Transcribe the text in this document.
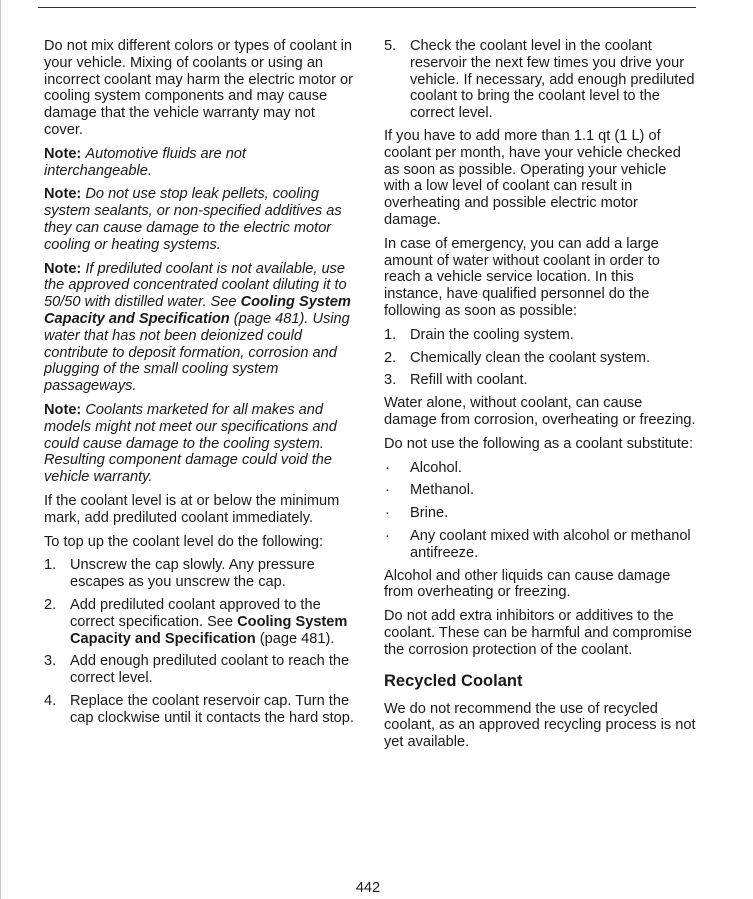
Do not mix different colors or types of coolant in your vehicle. Mixing of coolants or using an incorrect coolant may harm the electric motor or cooling system components and may cause damage that the vehicle warranty may not cover.

Note: Automotive fluids are not interchangeable.

Note: Do not use stop leak pellets, cooling system sealants, or non-specified additives as they can cause damage to the electric motor cooling or heating systems.

Note: If prediluted coolant is not available, use the approved concentrated coolant diluting it to 50/50 with distilled water. See Cooling System Capacity and Specification (page 481). Using water that has not been deionized could contribute to deposit formation, corrosion and plugging of the small cooling system passageways.

Note: Coolants marketed for all makes and models might not meet our specifications and could cause damage to the cooling system. Resulting component damage could void the vehicle warranty.

If the coolant level is at or below the minimum mark, add prediluted coolant immediately.

To top up the coolant level do the following:

1. Unscrew the cap slowly. Any pressure escapes as you unscrew the cap.
2. Add prediluted coolant approved to the correct specification. See Cooling System Capacity and Specification (page 481).
3. Add enough prediluted coolant to reach the correct level.
4. Replace the coolant reservoir cap. Turn the cap clockwise until it contacts the hard stop.
5. Check the coolant level in the coolant reservoir the next few times you drive your vehicle. If necessary, add enough prediluted coolant to bring the coolant level to the correct level.

If you have to add more than 1.1 qt (1 L) of coolant per month, have your vehicle checked as soon as possible. Operating your vehicle with a low level of coolant can result in overheating and possible electric motor damage.

In case of emergency, you can add a large amount of water without coolant in order to reach a vehicle service location. In this instance, have qualified personnel do the following as soon as possible:

1. Drain the cooling system.
2. Chemically clean the coolant system.
3. Refill with coolant.

Water alone, without coolant, can cause damage from corrosion, overheating or freezing.

Do not use the following as a coolant substitute:

·	Alcohol.
·	Methanol.
·	Brine.
·	Any coolant mixed with alcohol or methanol antifreeze.

Alcohol and other liquids can cause damage from overheating or freezing.

Do not add extra inhibitors or additives to the coolant. These can be harmful and compromise the corrosion protection of the coolant.

Recycled Coolant

We do not recommend the use of recycled coolant, as an approved recycling process is not yet available.

442
